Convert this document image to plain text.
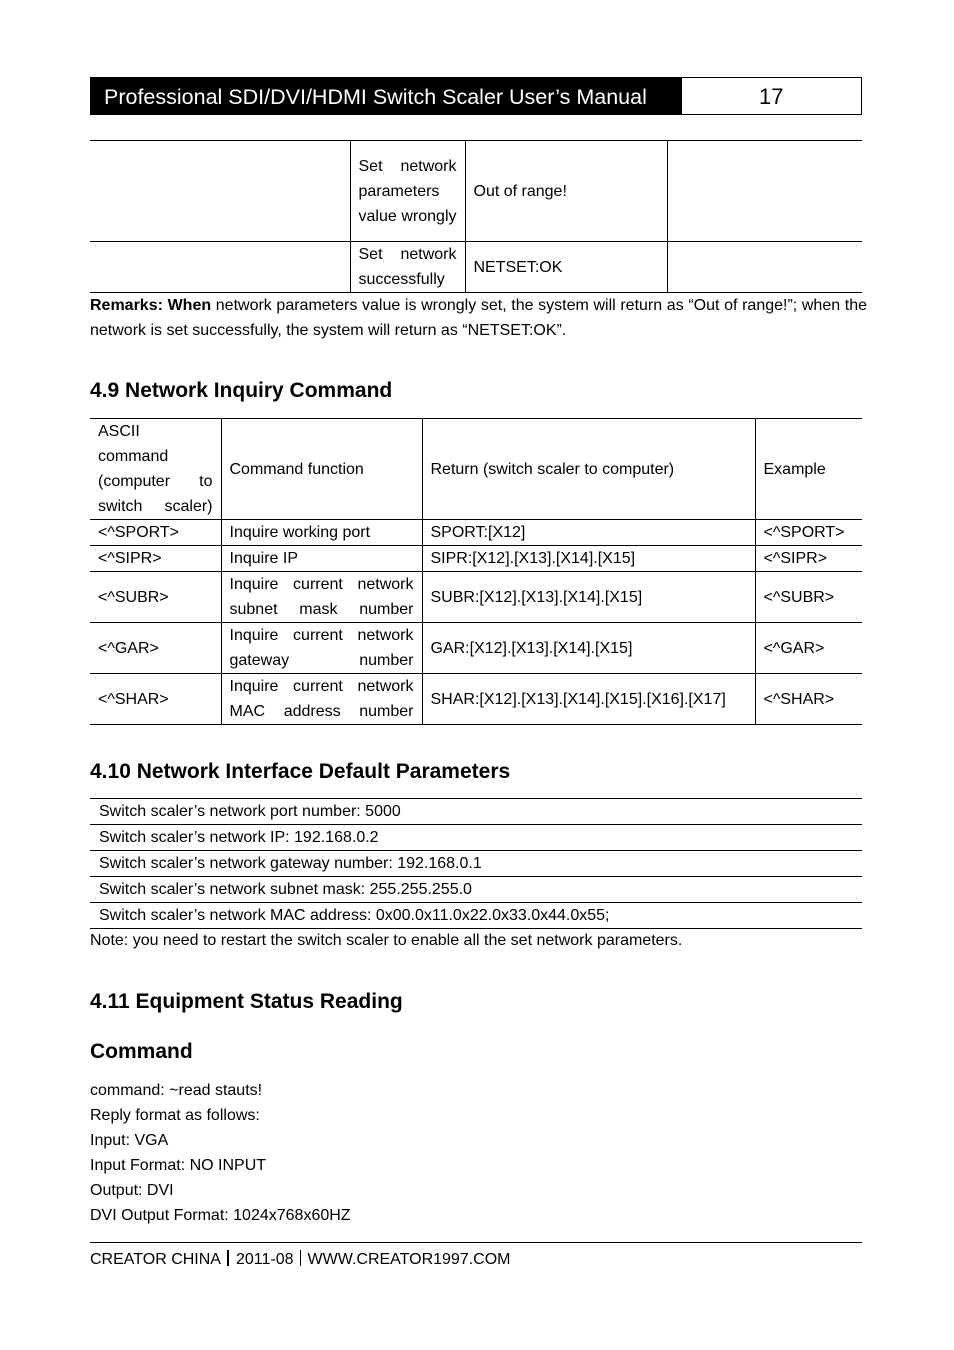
Professional SDI/DVI/HDMI Switch Scaler User’s Manual	17
	Set network parameters value wrongly	Out of range!	
	Set network successfully	NETSET:OK	
Remarks: When network parameters value is wrongly set, the system will return as “Out of range!”; when the network is set successfully, the system will return as “NETSET:OK”.
4.9 Network Inquiry Command
ASCII command (computer to switch scaler)	Command function	Return (switch scaler to computer)	Example
<^SPORT>	Inquire working port	SPORT:[X12]	<^SPORT>
<^SIPR>	Inquire IP	SIPR:[X12].[X13].[X14].[X15]	<^SIPR>
<^SUBR>	Inquire current network subnet mask number	SUBR:[X12].[X13].[X14].[X15]	<^SUBR>
<^GAR>	Inquire current network gateway number	GAR:[X12].[X13].[X14].[X15]	<^GAR>
<^SHAR>	Inquire current network MAC address number	SHAR:[X12].[X13].[X14].[X15].[X16].[X17]	<^SHAR>
4.10 Network Interface Default Parameters
Switch scaler’s network port number: 5000
Switch scaler’s network IP: 192.168.0.2
Switch scaler’s network gateway number: 192.168.0.1
Switch scaler’s network subnet mask: 255.255.255.0
Switch scaler’s network MAC address: 0x00.0x11.0x22.0x33.0x44.0x55;
Note: you need to restart the switch scaler to enable all the set network parameters.
4.11 Equipment Status Reading
Command
command: ~read stauts!
Reply format as follows:
Input: VGA
Input Format: NO INPUT
Output: DVI
DVI Output Format: 1024x768x60HZ
CREATOR CHINA 2011-08 WWW.CREATOR1997.COM
